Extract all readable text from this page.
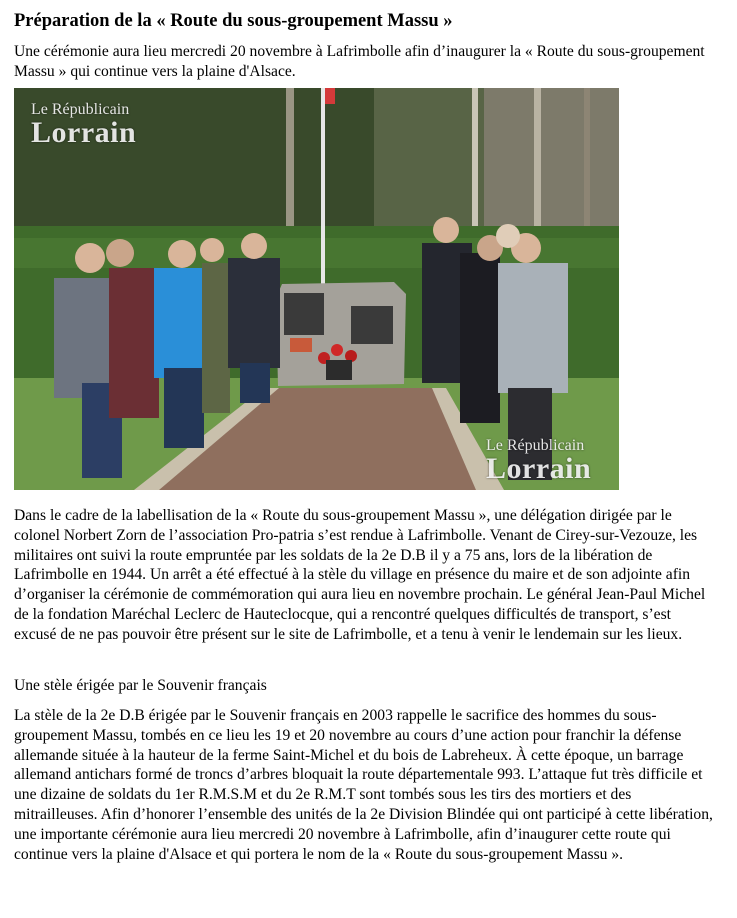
Préparation de la « Route du sous-groupement Massu »

Une cérémonie aura lieu mercredi 20 novembre à Lafrimbolle afin d’inaugurer la « Route du sous-groupement Massu » qui continue vers la plaine d'Alsace.

Le Républicain
Lorrain
Le Républicain
Lorrain

Dans le cadre de la labellisation de la « Route du sous-groupement Massu », une délégation dirigée par le colonel Norbert Zorn de l’association Pro-patria s’est rendue à Lafrimbolle. Venant de Cirey-sur-Vezouze, les militaires ont suivi la route empruntée par les soldats de la 2e D.B il y a 75 ans, lors de la libération de Lafrimbolle en 1944. Un arrêt a été effectué à la stèle du village en présence du maire et de son adjointe afin d’organiser la cérémonie de commémoration qui aura lieu en novembre prochain. Le général Jean-Paul Michel de la fondation Maréchal Leclerc de Hauteclocque, qui a rencontré quelques difficultés de transport, s’est excusé de ne pas pouvoir être présent sur le site de Lafrimbolle, et a tenu à venir le lendemain sur les lieux.

Une stèle érigée par le Souvenir français

La stèle de la 2e D.B érigée par le Souvenir français en 2003 rappelle le sacrifice des hommes du sous-groupement Massu, tombés en ce lieu les 19 et 20 novembre au cours d’une action pour franchir la défense allemande située à la hauteur de la ferme Saint-Michel et du bois de Labreheux. À cette époque, un barrage allemand antichars formé de troncs d’arbres bloquait la route départementale 993. L’attaque fut très difficile et une dizaine de soldats du 1er R.M.S.M et du 2e R.M.T sont tombés sous les tirs des mortiers et des mitrailleuses. Afin d’honorer l’ensemble des unités de la 2e Division Blindée qui ont participé à cette libération, une importante cérémonie aura lieu mercredi 20 novembre à Lafrimbolle, afin d’inaugurer cette route qui continue vers la plaine d'Alsace et qui portera le nom de la « Route du sous-groupement Massu ».
